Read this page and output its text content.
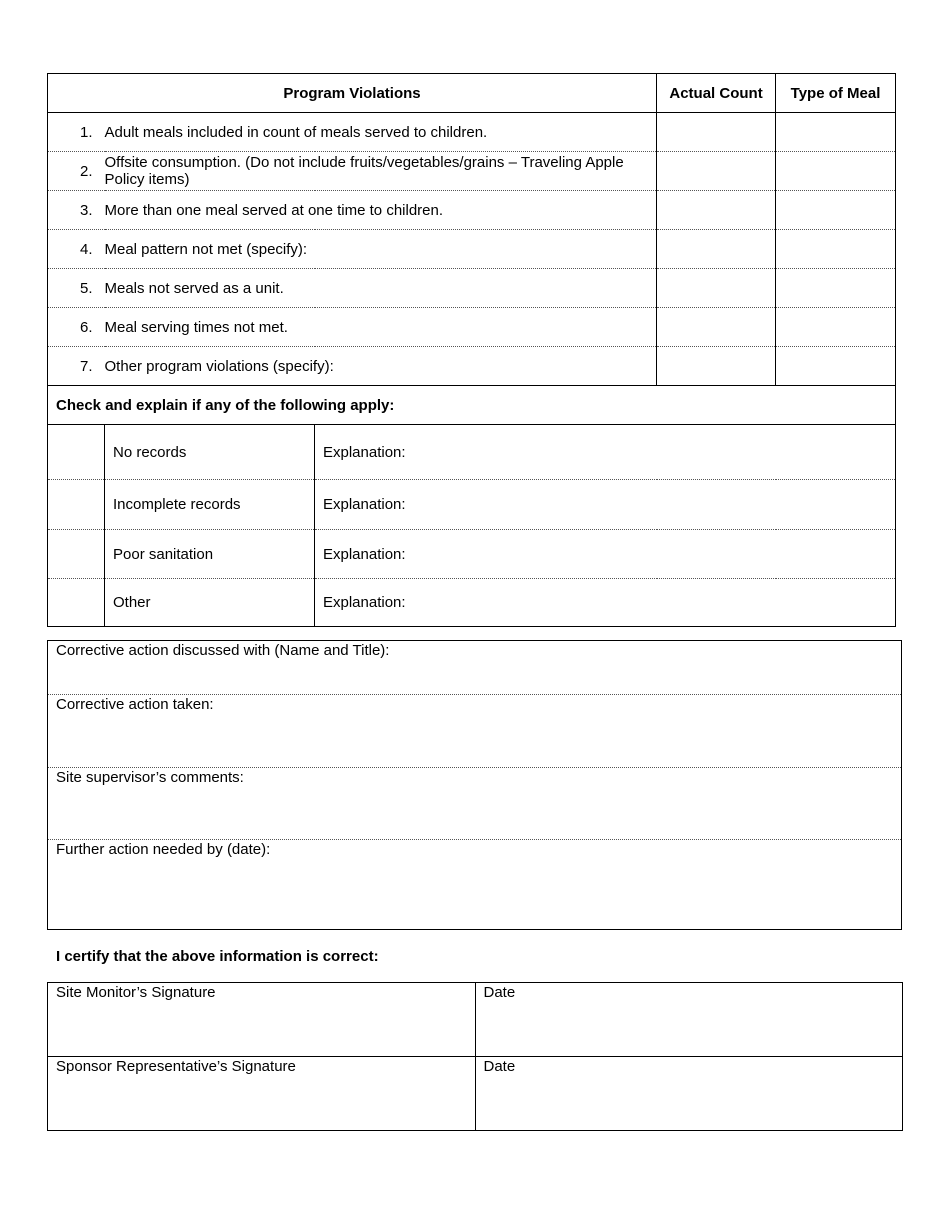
Program Violations			Actual Count	Type of Meal
1.	Adult meals included in count of meals served to children.			
2.	Offsite consumption. (Do not include fruits/vegetables/grains – Traveling Apple Policy items)			
3.	More than one meal served at one time to children.			
4.	Meal pattern not met (specify):			
5.	Meals not served as a unit.			
6.	Meal serving times not met.			
7.	Other program violations (specify):			
Check and explain if any of the following apply:				
	No records	Explanation:		
	Incomplete records	Explanation:		
	Poor sanitation	Explanation:		
	Other	Explanation:		
Corrective action discussed with (Name and Title):
Corrective action taken:
Site supervisor’s comments:
Further action needed by (date):

I certify that the above information is correct:

Site Monitor’s Signature	Date
Sponsor Representative’s Signature	Date
